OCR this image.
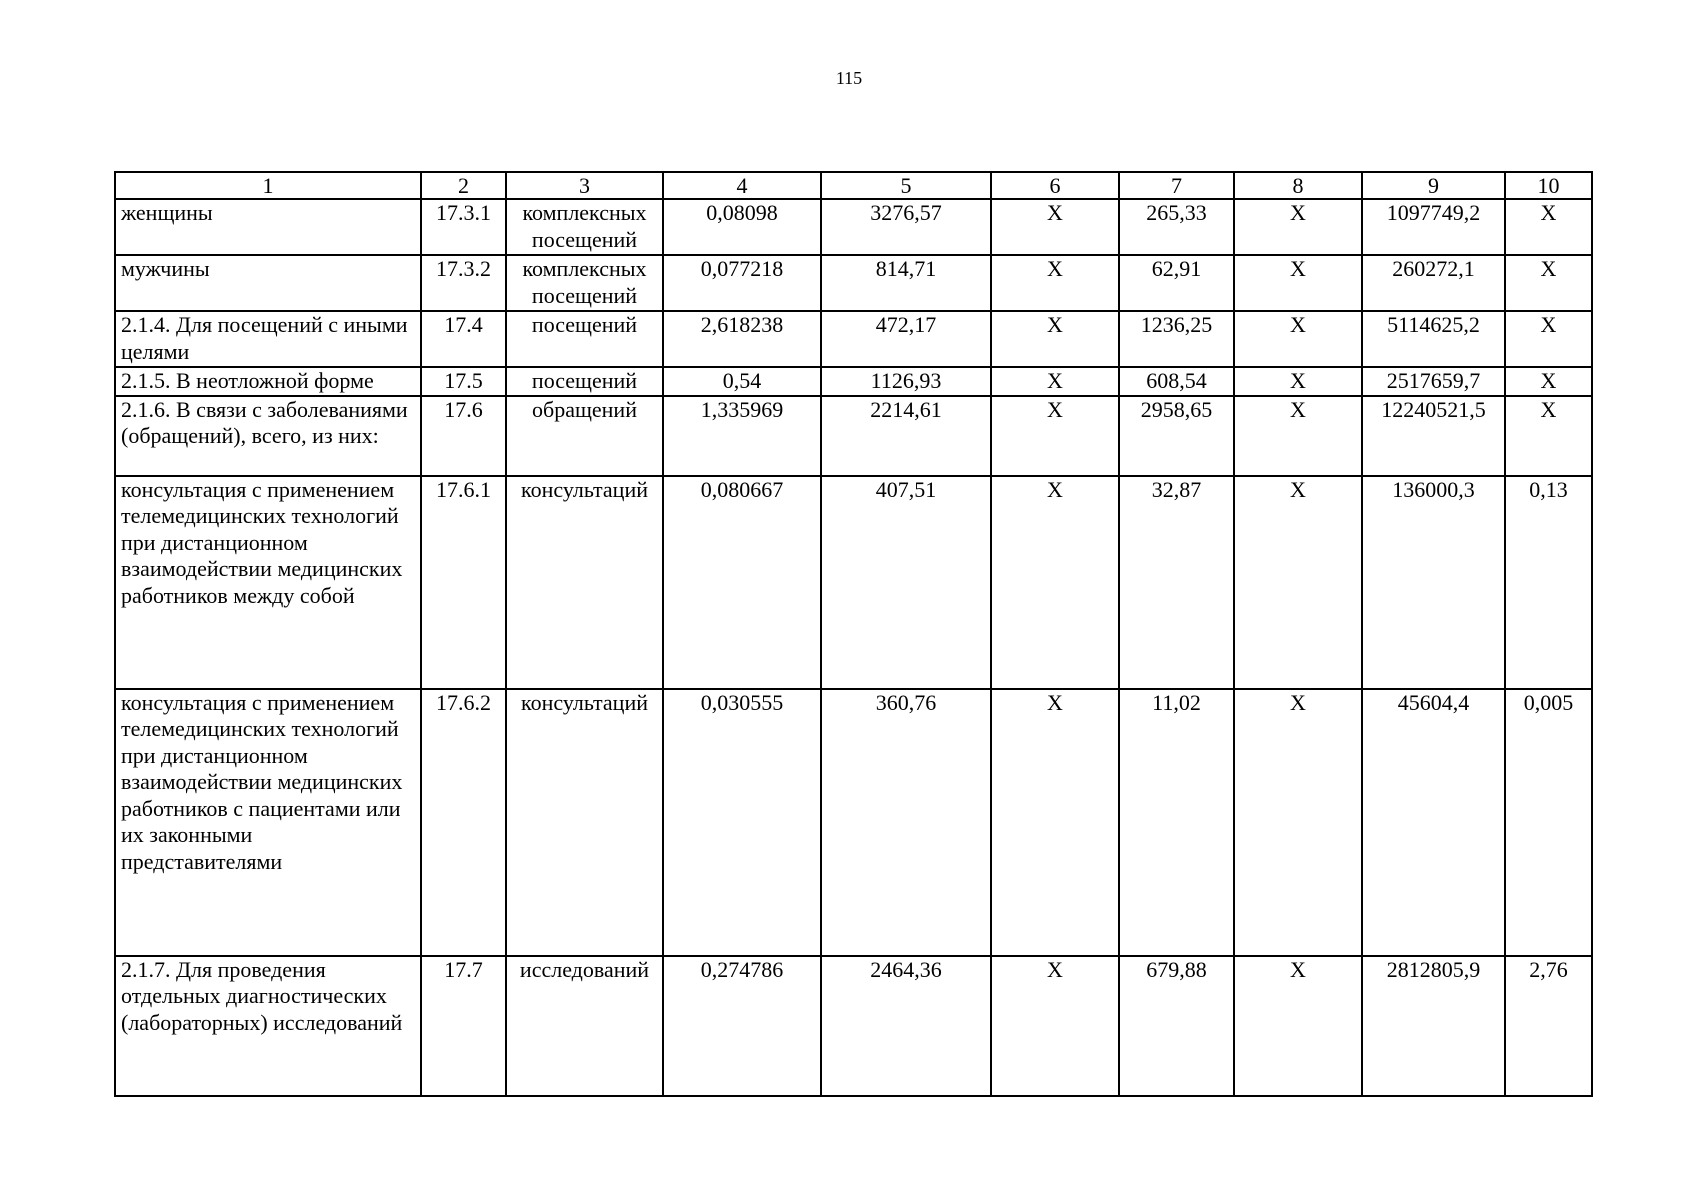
115
1	2	3	4	5	6	7	8	9	10
женщины	17.3.1	комплексных посещений	0,08098	3276,57	Х	265,33	Х	1097749,2	Х
мужчины	17.3.2	комплексных посещений	0,077218	814,71	Х	62,91	Х	260272,1	Х
2.1.4. Для посещений с иными целями	17.4	посещений	2,618238	472,17	Х	1236,25	Х	5114625,2	Х
2.1.5. В неотложной форме	17.5	посещений	0,54	1126,93	Х	608,54	Х	2517659,7	Х
2.1.6. В связи с заболеваниями (обращений), всего, из них:	17.6	обращений	1,335969	2214,61	Х	2958,65	Х	12240521,5	Х
консультация с применением телемедицинских технологий при дистанционном взаимодействии медицинских работников между собой	17.6.1	консультаций	0,080667	407,51	Х	32,87	Х	136000,3	0,13
консультация с применением телемедицинских технологий при дистанционном взаимодействии медицинских работников с пациентами или их законными представителями	17.6.2	консультаций	0,030555	360,76	Х	11,02	Х	45604,4	0,005
2.1.7. Для проведения отдельных диагностических (лабораторных) исследований	17.7	исследований	0,274786	2464,36	Х	679,88	Х	2812805,9	2,76
